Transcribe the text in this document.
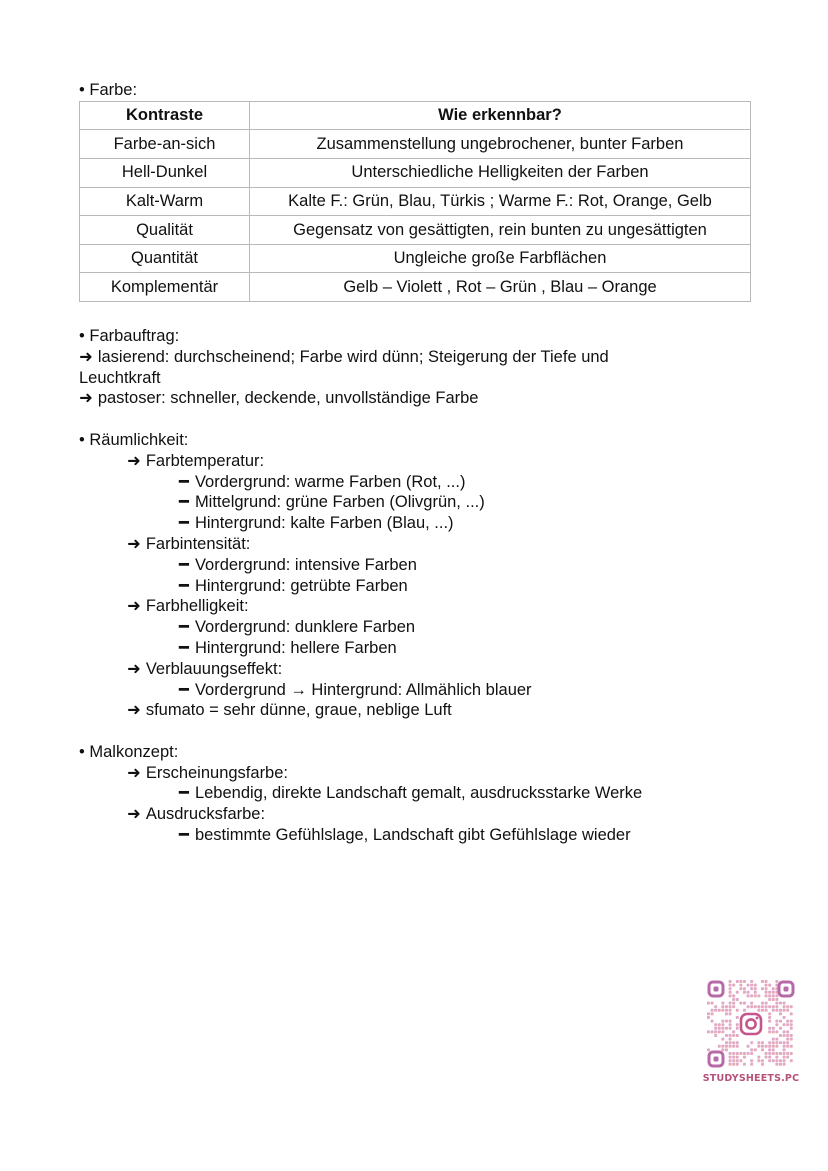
• Farbe:
Kontraste	Wie erkennbar?
Farbe-an-sich	Zusammenstellung ungebrochener, bunter Farben
Hell-Dunkel	Unterschiedliche Helligkeiten der Farben
Kalt-Warm	Kalte F.: Grün, Blau, Türkis ; Warme F.: Rot, Orange, Gelb
Qualität	Gegensatz von gesättigten, rein bunten zu ungesättigten
Quantität	Ungleiche große Farbflächen
Komplementär	Gelb – Violett , Rot – Grün , Blau – Orange
• Farbauftrag:
➜ lasierend: durchscheinend; Farbe wird dünn; Steigerung der Tiefe und Leuchtkraft
➜ pastoser: schneller, deckende, unvollständige Farbe
• Räumlichkeit:
➜ Farbtemperatur:
━ Vordergrund: warme Farben (Rot, ...)
━ Mittelgrund: grüne Farben (Olivgrün, ...)
━ Hintergrund: kalte Farben (Blau, ...)
➜ Farbintensität:
━ Vordergrund: intensive Farben
━ Hintergrund: getrübte Farben
➜ Farbhelligkeit:
━ Vordergrund: dunklere Farben
━ Hintergrund: hellere Farben
➜ Verblauungseffekt:
━ Vordergrund → Hintergrund: Allmählich blauer
➜ sfumato = sehr dünne, graue, neblige Luft
• Malkonzept:
➜ Erscheinungsfarbe:
━ Lebendig, direkte Landschaft gemalt, ausdrucksstarke Werke
➜ Ausdrucksfarbe:
━ bestimmte Gefühlslage, Landschaft gibt Gefühlslage wieder
STUDYSHEETS.PC
